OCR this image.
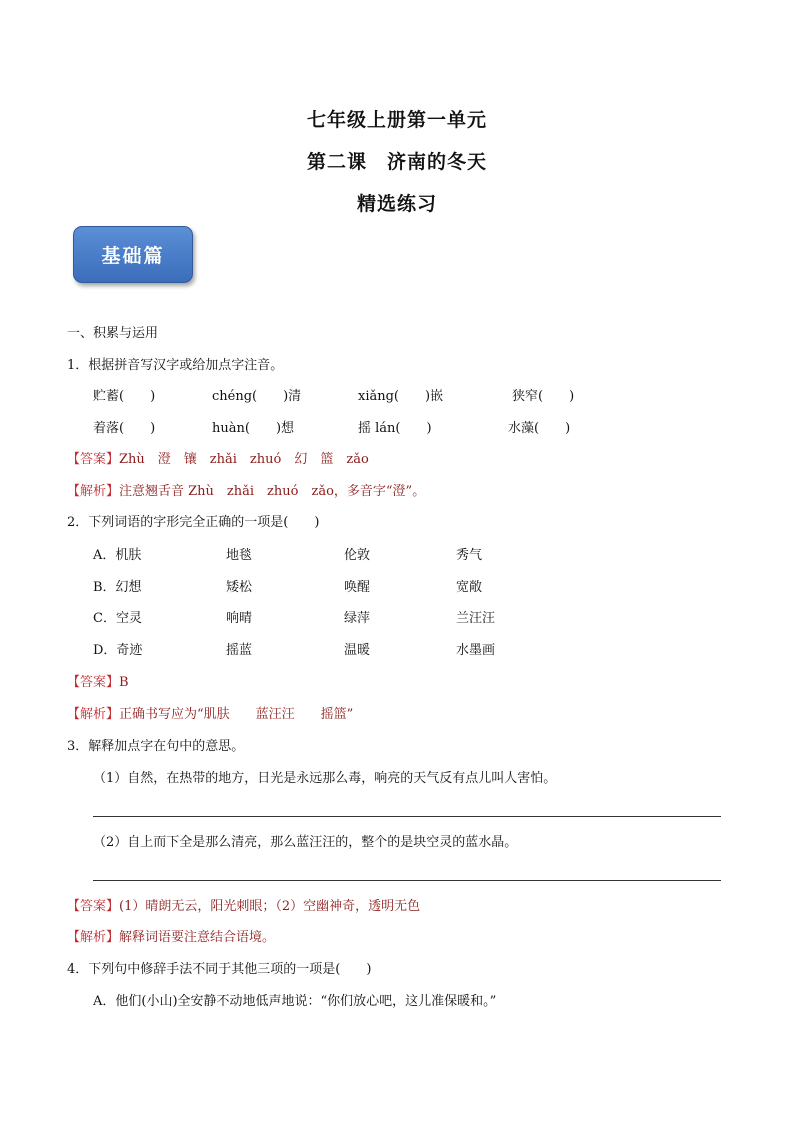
七年级上册第一单元
第二课　济南的冬天
精选练习
基础篇
一、积累与运用
1．根据拼音写汉字或给加点字注音。
贮蓄(　　)	chéng(　　)清	xiǎng(　　)嵌	狭窄(　　)
着落(　　)	huàn(　　)想	摇 lán(　　)	水藻(　　)
【答案】Zhù　澄　镶　zhǎi　zhuó　幻　篮　zǎo
【解析】注意翘舌音 Zhù　zhǎi　zhuó　zǎo，多音字“澄”。
2．下列词语的字形完全正确的一项是(　　)
A．机肤	地毯	伦敦	秀气
B．幻想	矮松	唤醒	宽敞
C．空灵	响晴	绿萍	兰汪汪
D．奇迹	摇蓝	温暖	水墨画
【答案】B
【解析】正确书写应为“肌肤　　蓝汪汪　　摇篮”
3．解释加点字在句中的意思。
（1）自然，在热带的地方，日光是永远那么毒，响亮的天气反有点儿叫人害怕。
（2）自上而下全是那么清亮，那么蓝汪汪的，整个的是块空灵的蓝水晶。
【答案】(1）晴朗无云，阳光刺眼；（2）空幽神奇，透明无色
【解析】解释词语要注意结合语境。
4．下列句中修辞手法不同于其他三项的一项是(　　)
A．他们(小山)全安静不动地低声地说：“你们放心吧，这儿准保暖和。”
